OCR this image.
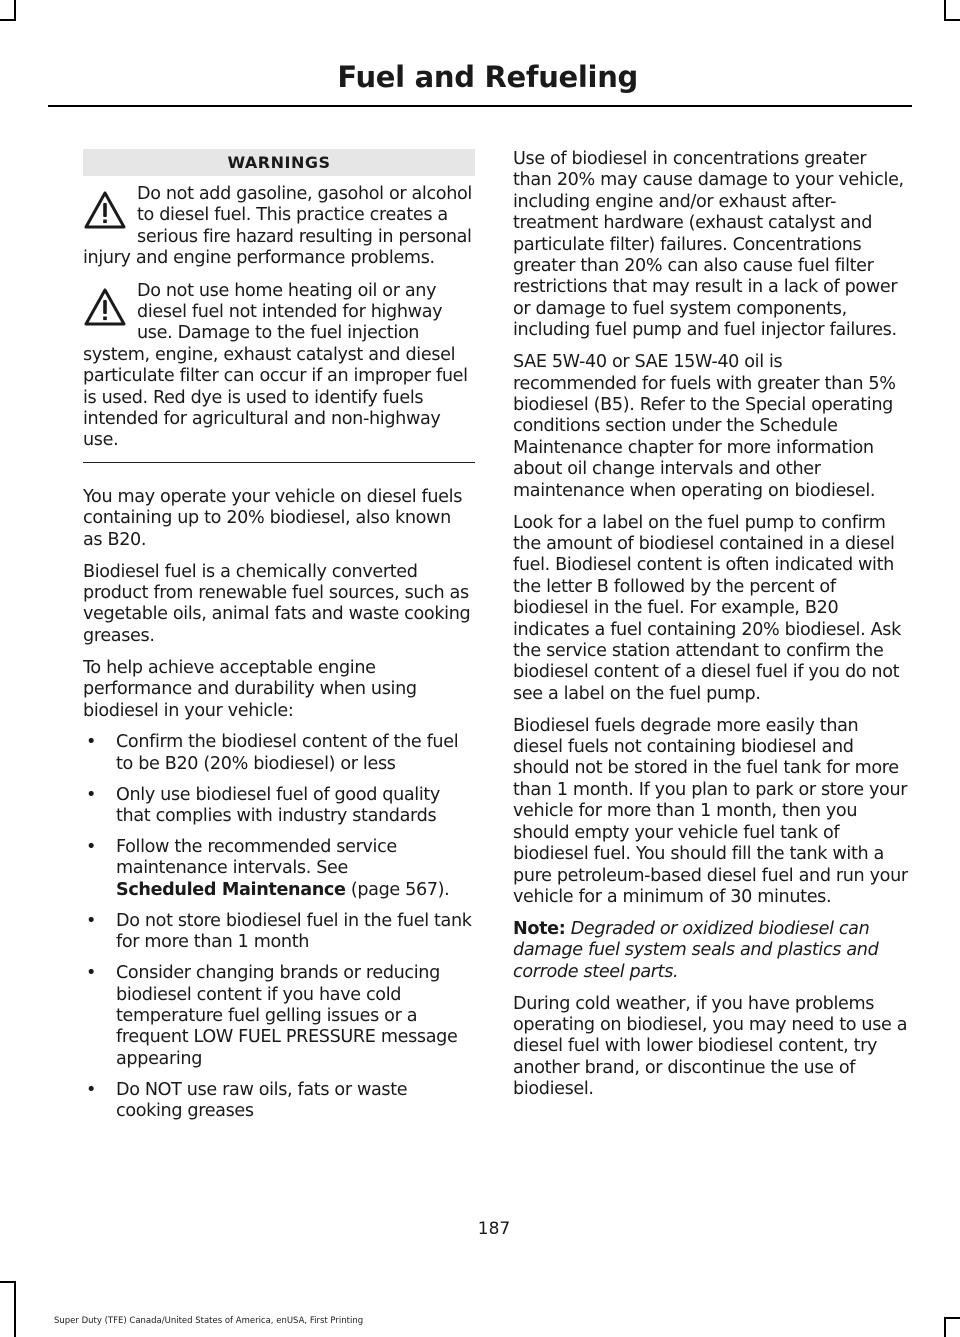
Fuel and Refueling
WARNINGS
Do not add gasoline, gasohol or alcohol to diesel fuel. This practice creates a serious fire hazard resulting in personal injury and engine performance problems.
Do not use home heating oil or any diesel fuel not intended for highway use. Damage to the fuel injection system, engine, exhaust catalyst and diesel particulate filter can occur if an improper fuel is used. Red dye is used to identify fuels intended for agricultural and non-highway use.

You may operate your vehicle on diesel fuels containing up to 20% biodiesel, also known as B20.

Biodiesel fuel is a chemically converted product from renewable fuel sources, such as vegetable oils, animal fats and waste cooking greases.

To help achieve acceptable engine performance and durability when using biodiesel in your vehicle:

• Confirm the biodiesel content of the fuel to be B20 (20% biodiesel) or less
• Only use biodiesel fuel of good quality that complies with industry standards
• Follow the recommended service maintenance intervals. See
Scheduled Maintenance (page 567).
• Do not store biodiesel fuel in the fuel tank for more than 1 month
• Consider changing brands or reducing biodiesel content if you have cold temperature fuel gelling issues or a frequent LOW FUEL PRESSURE message appearing
• Do NOT use raw oils, fats or waste cooking greases

Use of biodiesel in concentrations greater than 20% may cause damage to your vehicle, including engine and/or exhaust after-treatment hardware (exhaust catalyst and particulate filter) failures. Concentrations greater than 20% can also cause fuel filter restrictions that may result in a lack of power or damage to fuel system components, including fuel pump and fuel injector failures.

SAE 5W-40 or SAE 15W-40 oil is recommended for fuels with greater than 5% biodiesel (B5). Refer to the Special operating conditions section under the Schedule Maintenance chapter for more information about oil change intervals and other maintenance when operating on biodiesel.

Look for a label on the fuel pump to confirm the amount of biodiesel contained in a diesel fuel. Biodiesel content is often indicated with the letter B followed by the percent of biodiesel in the fuel. For example, B20 indicates a fuel containing 20% biodiesel. Ask the service station attendant to confirm the biodiesel content of a diesel fuel if you do not see a label on the fuel pump.

Biodiesel fuels degrade more easily than diesel fuels not containing biodiesel and should not be stored in the fuel tank for more than 1 month. If you plan to park or store your vehicle for more than 1 month, then you should empty your vehicle fuel tank of biodiesel fuel. You should fill the tank with a pure petroleum-based diesel fuel and run your vehicle for a minimum of 30 minutes.

Note: Degraded or oxidized biodiesel can damage fuel system seals and plastics and corrode steel parts.

During cold weather, if you have problems operating on biodiesel, you may need to use a diesel fuel with lower biodiesel content, try another brand, or discontinue the use of biodiesel.

187
Super Duty (TFE) Canada/United States of America, enUSA, First Printing
